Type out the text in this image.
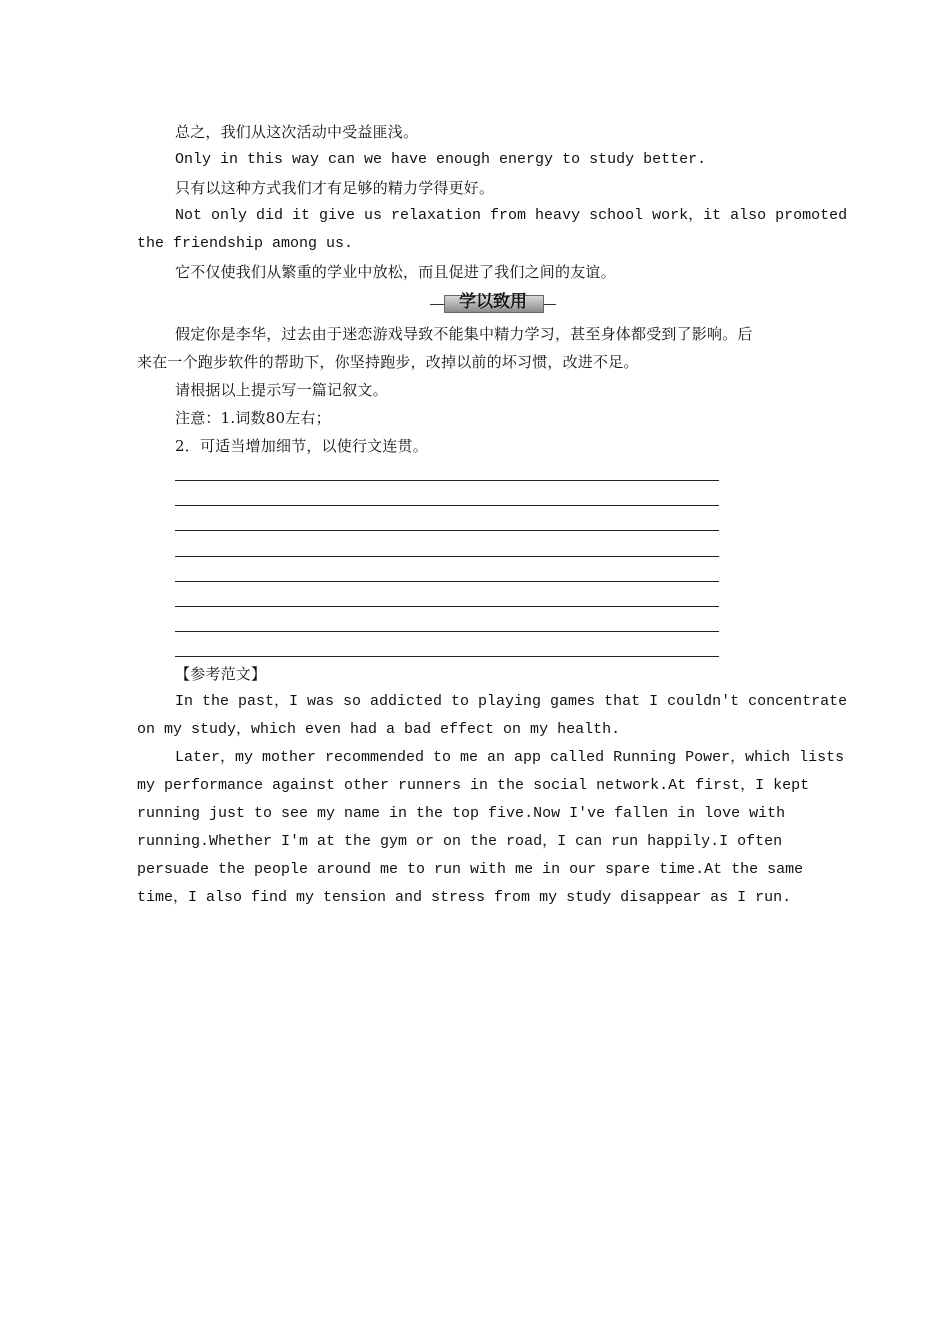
总之，我们从这次活动中受益匪浅。
Only in this way can we have enough energy to study better.
只有以这种方式我们才有足够的精力学得更好。
Not only did it give us relaxation from heavy school work，it also promoted
the friendship among us.
它不仅使我们从繁重的学业中放松，而且促进了我们之间的友谊。
学以致用
假定你是李华，过去由于迷恋游戏导致不能集中精力学习，甚至身体都受到了影响。后
来在一个跑步软件的帮助下，你坚持跑步，改掉以前的坏习惯，改进不足。
请根据以上提示写一篇记叙文。
注意：1.词数80左右；
2．可适当增加细节，以使行文连贯。
【参考范文】
In the past，I was so addicted to playing games that I couldn't concentrate
on my study，which even had a bad effect on my health.
Later，my mother recommended to me an app called Running Power，which lists
my performance against other runners in the social network.At first，I kept
running just to see my name in the top five.Now I've fallen in love with
running.Whether I'm at the gym or on the road，I can run happily.I often
persuade the people around me to run with me in our spare time.At the same
time，I also find my tension and stress from my study disappear as I run.
